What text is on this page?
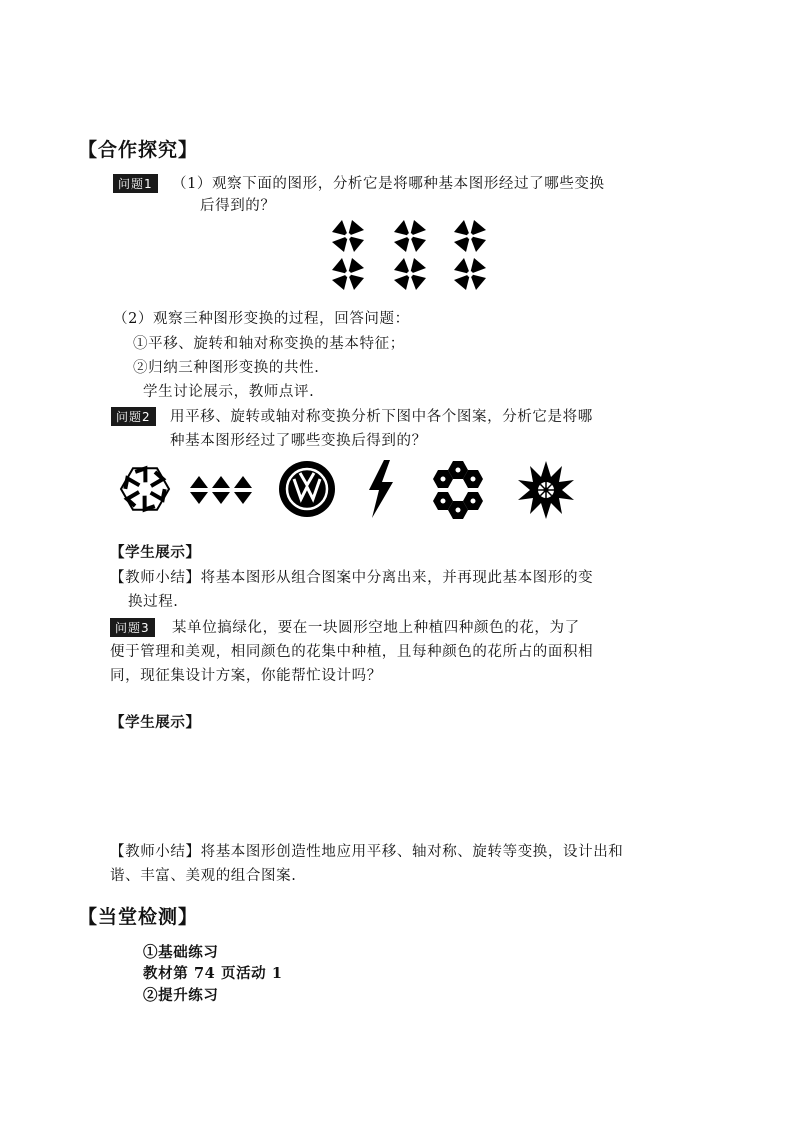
【合作探究】
问题1	（1）观察下面的图形，分析它是将哪种基本图形经过了哪些变换
后得到的？
（2）观察三种图形变换的过程，回答问题：
①平移、旋转和轴对称变换的基本特征；
②归纳三种图形变换的共性.
学生讨论展示，教师点评.
问题2	用平移、旋转或轴对称变换分析下图中各个图案，分析它是将哪
种基本图形经过了哪些变换后得到的？
【学生展示】
【教师小结】将基本图形从组合图案中分离出来，并再现此基本图形的变
换过程.
问题3	某单位搞绿化，要在一块圆形空地上种植四种颜色的花，为了
便于管理和美观，相同颜色的花集中种植，且每种颜色的花所占的面积相
同，现征集设计方案，你能帮忙设计吗？
【学生展示】
【教师小结】将基本图形创造性地应用平移、轴对称、旋转等变换，设计出和
谐、丰富、美观的组合图案.
【当堂检测】
①基础练习
教材第 74 页活动 1
②提升练习
